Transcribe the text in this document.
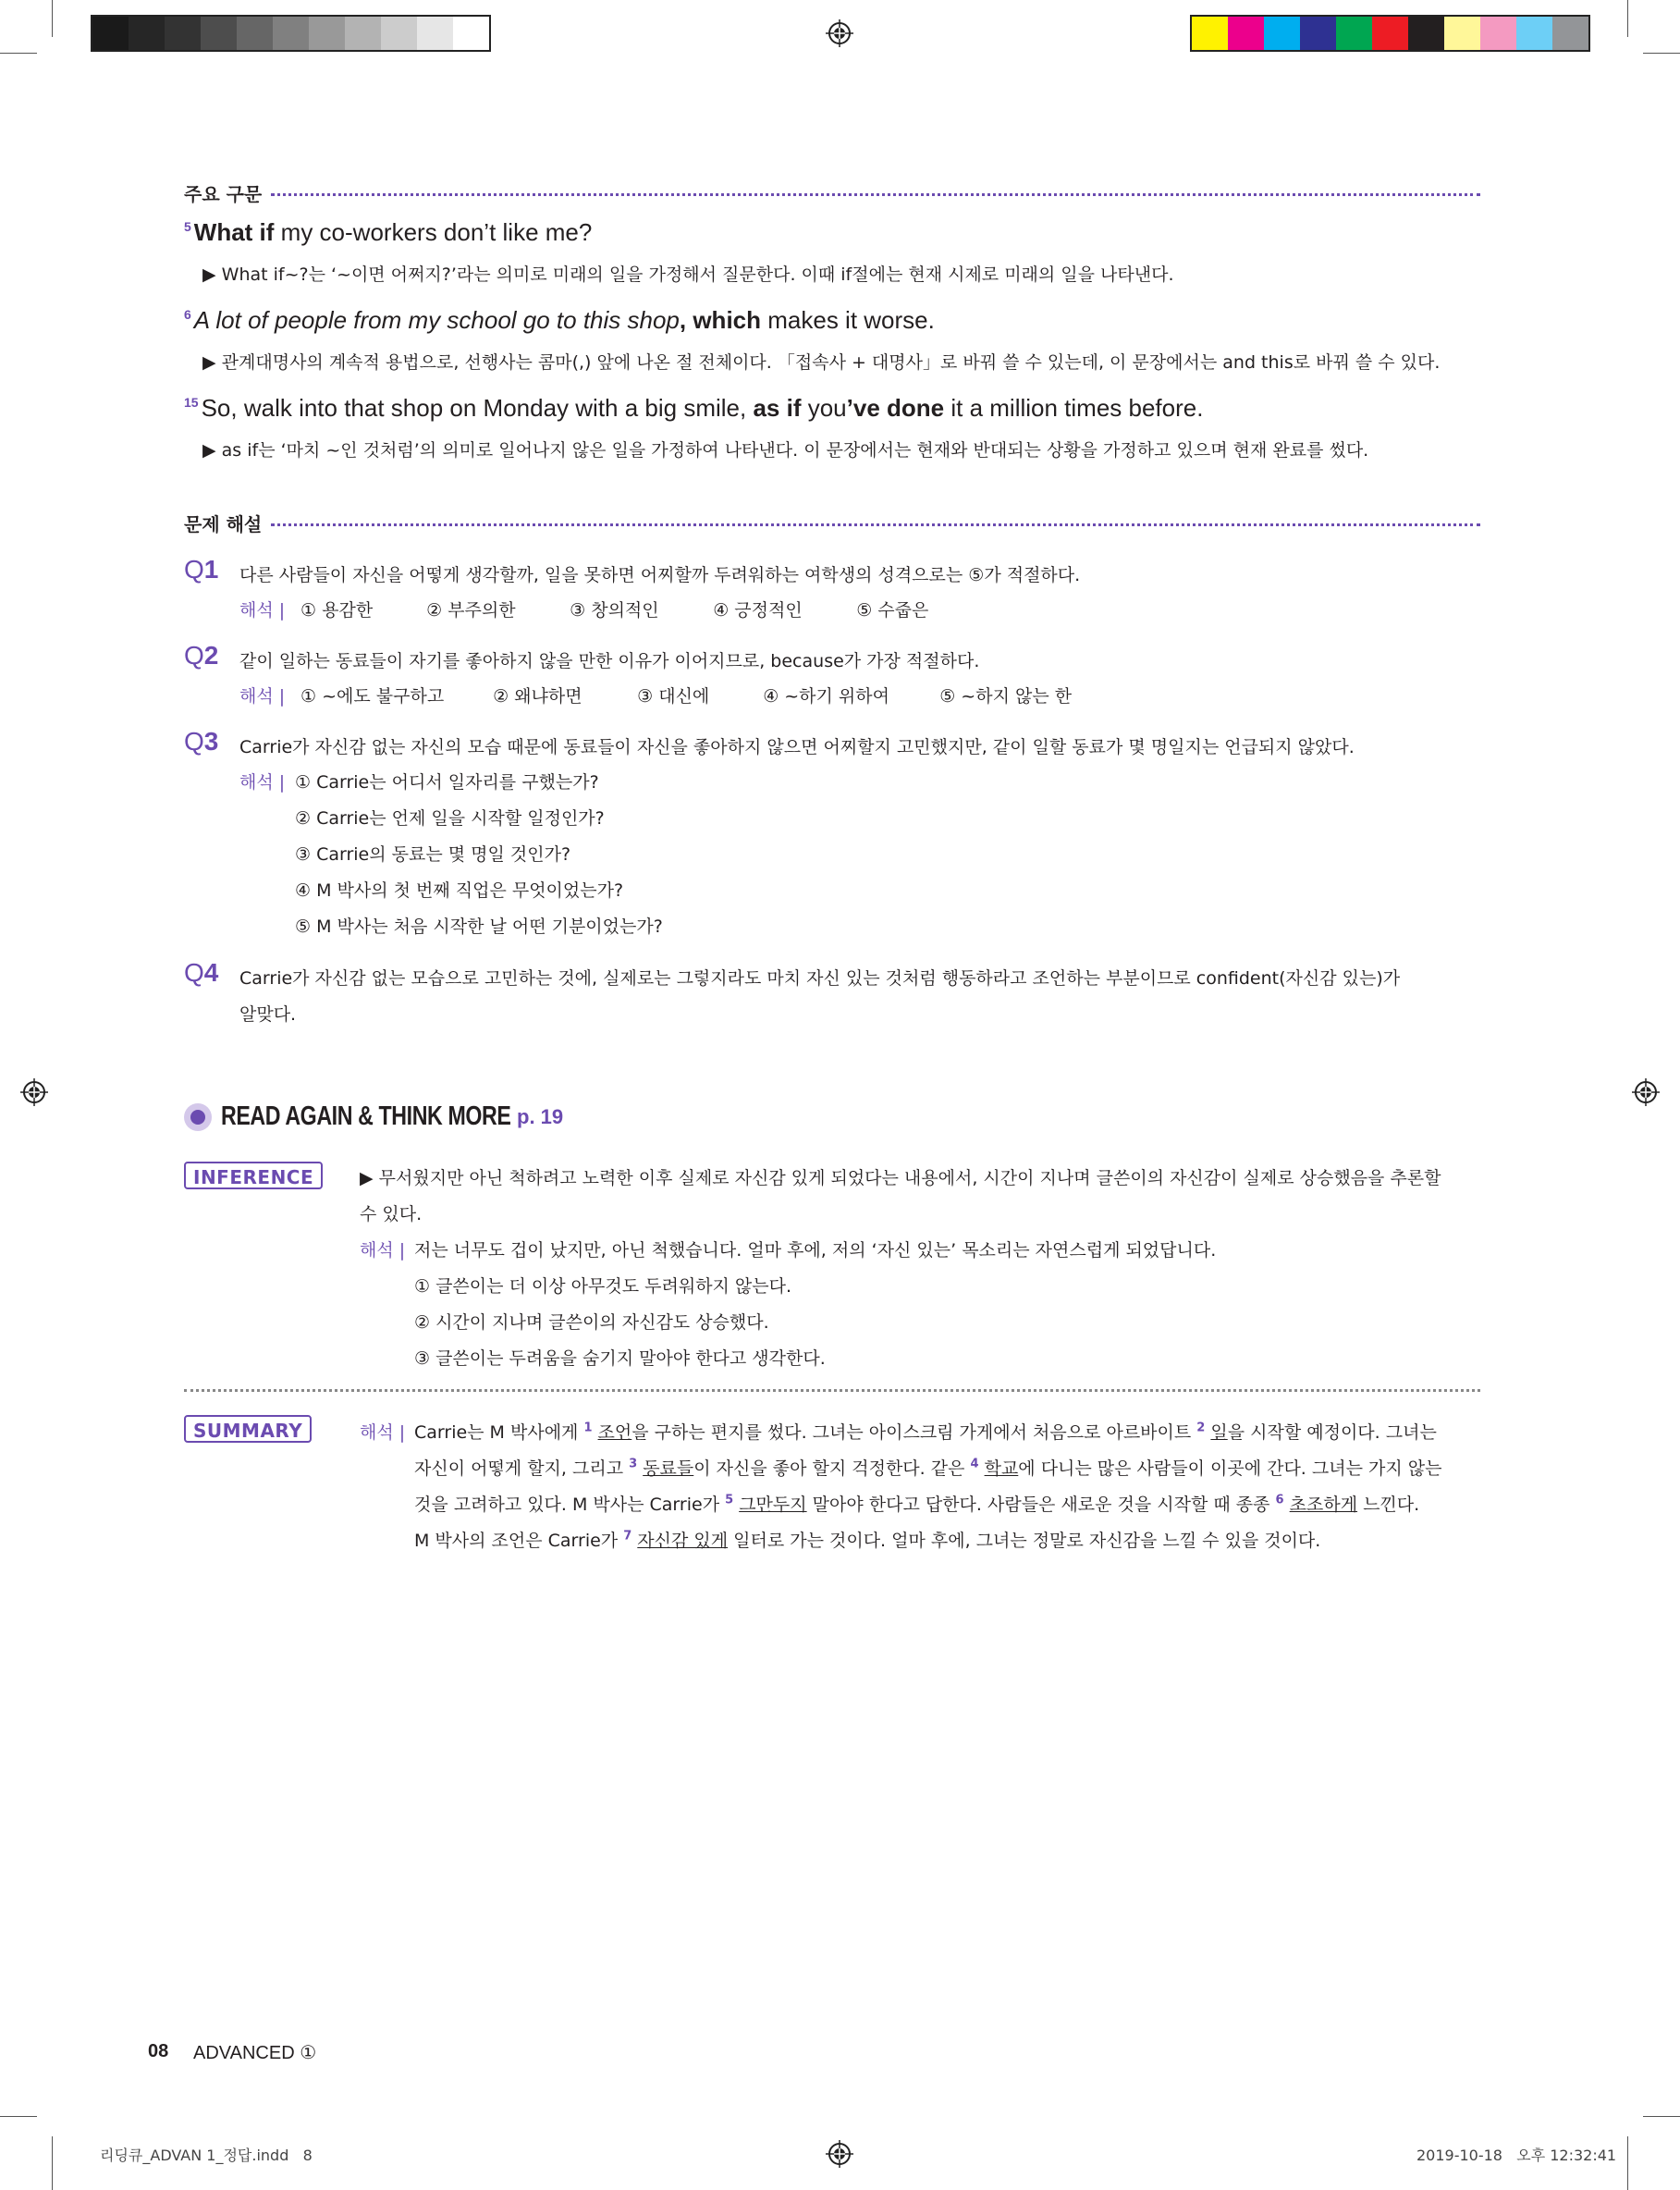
주요 구문
$^5$ What if my co-workers don’t like me?
▶ What if~?는 ‘~이면 어쩌지?’라는 의미로 미래의 일을 가정해서 질문한다. 이때 if절에는 현재 시제로 미래의 일을 나타낸다.
$^6$ A lot of people from my school go to this shop, which makes it worse.
▶ 관계대명사의 계속적 용법으로, 선행사는 콤마(,) 앞에 나온 절 전체이다. 「접속사 + 대명사」로 바꿔 쓸 수 있는데, 이 문장에서는 and this로 바꿔 쓸 수 있다.
$^{15}$ So, walk into that shop on Monday with a big smile, as if you’ve done it a million times before.
▶ as if는 ‘마치 ~인 것처럼’의 의미로 일어나지 않은 일을 가정하여 나타낸다. 이 문장에서는 현재와 반대되는 상황을 가정하고 있으며 현재 완료를 썼다.
문제 해설
Q1 다른 사람들이 자신을 어떻게 생각할까, 일을 못하면 어찌할까 두려워하는 여학생의 성격으로는 ⑤가 적절하다.
해석 | ① 용감한	② 부주의한	③ 창의적인	④ 긍정적인	⑤ 수줍은
Q2 같이 일하는 동료들이 자기를 좋아하지 않을 만한 이유가 이어지므로, because가 가장 적절하다.
해석 | ① ~에도 불구하고	② 왜냐하면	③ 대신에	④ ~하기 위하여	⑤ ~하지 않는 한
Q3 Carrie가 자신감 없는 자신의 모습 때문에 동료들이 자신을 좋아하지 않으면 어찌할지 고민했지만, 같이 일할 동료가 몇 명일지는 언급되지 않았다.
해석 | ① Carrie는 어디서 일자리를 구했는가?
② Carrie는 언제 일을 시작할 일정인가?
③ Carrie의 동료는 몇 명일 것인가?
④ M 박사의 첫 번째 직업은 무엇이었는가?
⑤ M 박사는 처음 시작한 날 어떤 기분이었는가?
Q4 Carrie가 자신감 없는 모습으로 고민하는 것에, 실제로는 그렇지라도 마치 자신 있는 것처럼 행동하라고 조언하는 부분이므로 confident(자신감 있는)가
알맞다.
READ AGAIN & THINK MORE p. 19
INFERENCE	▶ 무서웠지만 아닌 척하려고 노력한 이후 실제로 자신감 있게 되었다는 내용에서, 시간이 지나며 글쓴이의 자신감이 실제로 상승했음을 추론할
수 있다.
해석 | 저는 너무도 겁이 났지만, 아닌 척했습니다. 얼마 후에, 저의 ‘자신 있는’ 목소리는 자연스럽게 되었답니다.
① 글쓴이는 더 이상 아무것도 두려워하지 않는다.
② 시간이 지나며 글쓴이의 자신감도 상승했다.
③ 글쓴이는 두려움을 숨기지 말아야 한다고 생각한다.
SUMMARY	해석 | Carrie는 M 박사에게 $^1$ 조언을 구하는 편지를 썼다. 그녀는 아이스크림 가게에서 처음으로 아르바이트 $^2$ 일을 시작할 예정이다. 그녀는
자신이 어떻게 할지, 그리고 $^3$ 동료들이 자신을 좋아 할지 걱정한다. 같은 $^4$ 학교에 다니는 많은 사람들이 이곳에 간다. 그녀는 가지 않는
것을 고려하고 있다. M 박사는 Carrie가 $^5$ 그만두지 말아야 한다고 답한다. 사람들은 새로운 것을 시작할 때 종종 $^6$ 초조하게 느낀다.
M 박사의 조언은 Carrie가 $^7$ 자신감 있게 일터로 가는 것이다. 얼마 후에, 그녀는 정말로 자신감을 느낄 수 있을 것이다.
08 ADVANCED ①
리딩큐_ADVAN 1_정답.indd   8	2019-10-18   오후 12:32:41
